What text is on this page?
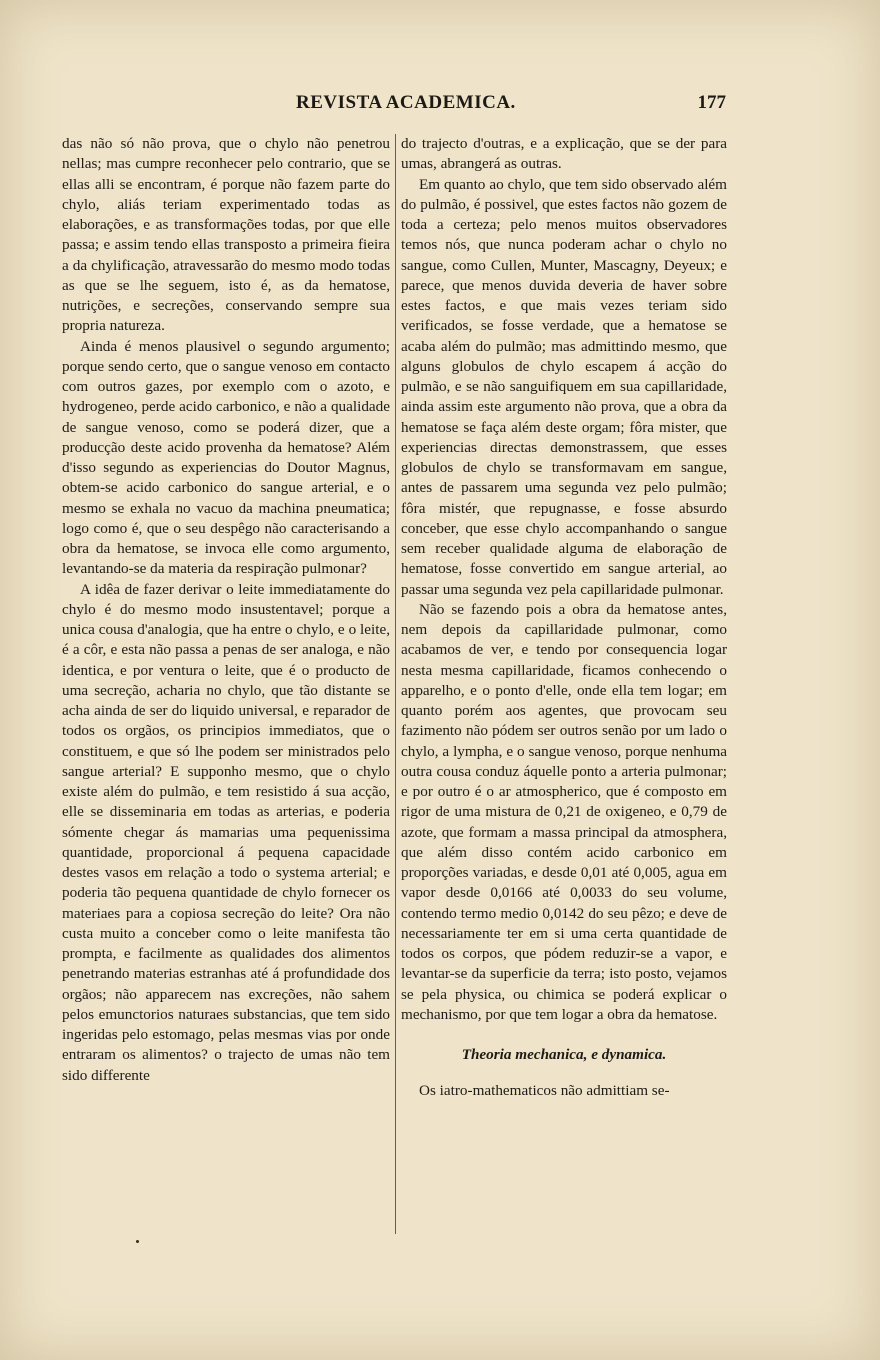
REVISTA ACADEMICA.	177

das não só não prova, que o chylo não penetrou nellas; mas cumpre reconhecer pelo contrario, que se ellas alli se encontram, é porque não fazem parte do chylo, aliás teriam experimentado todas as elaborações, e as transformações todas, por que elle passa; e assim tendo ellas transposto a primeira fieira a da chylificação, atravessarão do mesmo modo todas as que se lhe seguem, isto é, as da hematose, nutrições, e secreções, conservando sempre sua propria natureza.

Ainda é menos plausivel o segundo argumento; porque sendo certo, que o sangue venoso em contacto com outros gazes, por exemplo com o azoto, e hydrogeneo, perde acido carbonico, e não a qualidade de sangue venoso, como se poderá dizer, que a producção deste acido provenha da hematose? Além d'isso segundo as experiencias do Doutor Magnus, obtem-se acido carbonico do sangue arterial, e o mesmo se exhala no vacuo da machina pneumatica; logo como é, que o seu despêgo não caracterisando a obra da hematose, se invoca elle como argumento, levantando-se da materia da respiração pulmonar?

A idêa de fazer derivar o leite immediatamente do chylo é do mesmo modo insustentavel; porque a unica cousa d'analogia, que ha entre o chylo, e o leite, é a côr, e esta não passa a penas de ser analoga, e não identica, e por ventura o leite, que é o producto de uma secreção, acharia no chylo, que tão distante se acha ainda de ser do liquido universal, e reparador de todos os orgãos, os principios immediatos, que o constituem, e que só lhe podem ser ministrados pelo sangue arterial? E supponho mesmo, que o chylo existe além do pulmão, e tem resistido á sua acção, elle se disseminaria em todas as arterias, e poderia sómente chegar ás mamarias uma pequenissima quantidade, proporcional á pequena capacidade destes vasos em relação a todo o systema arterial; e poderia tão pequena quantidade de chylo fornecer os materiaes para a copiosa secreção do leite? Ora não custa muito a conceber como o leite manifesta tão prompta, e facilmente as qualidades dos alimentos penetrando materias estranhas até á profundidade dos orgãos; não apparecem nas excreções, não sahem pelos emunctorios naturaes substancias, que tem sido ingeridas pelo estomago, pelas mesmas vias por onde entraram os alimentos? o trajecto de umas não tem sido differente

do trajecto d'outras, e a explicação, que se der para umas, abrangerá as outras.

Em quanto ao chylo, que tem sido observado além do pulmão, é possivel, que estes factos não gozem de toda a certeza; pelo menos muitos observadores temos nós, que nunca poderam achar o chylo no sangue, como Cullen, Munter, Mascagny, Deyeux; e parece, que menos duvida deveria de haver sobre estes factos, e que mais vezes teriam sido verificados, se fosse verdade, que a hematose se acaba além do pulmão; mas admittindo mesmo, que alguns globulos de chylo escapem á acção do pulmão, e se não sanguifiquem em sua capillaridade, ainda assim este argumento não prova, que a obra da hematose se faça além deste orgam; fôra mister, que experiencias directas demonstrassem, que esses globulos de chylo se transformavam em sangue, antes de passarem uma segunda vez pelo pulmão; fôra mistér, que repugnasse, e fosse absurdo conceber, que esse chylo accompanhando o sangue sem receber qualidade alguma de elaboração de hematose, fosse convertido em sangue arterial, ao passar uma segunda vez pela capillaridade pulmonar.

Não se fazendo pois a obra da hematose antes, nem depois da capillaridade pulmonar, como acabamos de ver, e tendo por consequencia logar nesta mesma capillaridade, ficamos conhecendo o apparelho, e o ponto d'elle, onde ella tem logar; em quanto porém aos agentes, que provocam seu fazimento não pódem ser outros senão por um lado o chylo, a lympha, e o sangue venoso, porque nenhuma outra cousa conduz áquelle ponto a arteria pulmonar; e por outro é o ar atmospherico, que é composto em rigor de uma mistura de 0,21 de oxigeneo, e 0,79 de azote, que formam a massa principal da atmosphera, que além disso contém acido carbonico em proporções variadas, e desde 0,01 até 0,005, agua em vapor desde 0,0166 até 0,0033 do seu volume, contendo termo medio 0,0142 do seu pêzo; e deve de necessariamente ter em si uma certa quantidade de todos os corpos, que pódem reduzir-se a vapor, e levantar-se da superficie da terra; isto posto, vejamos se pela physica, ou chimica se poderá explicar o mechanismo, por que tem logar a obra da hematose.

Theoria mechanica, e dynamica.

Os iatro-mathematicos não admittiam se-
